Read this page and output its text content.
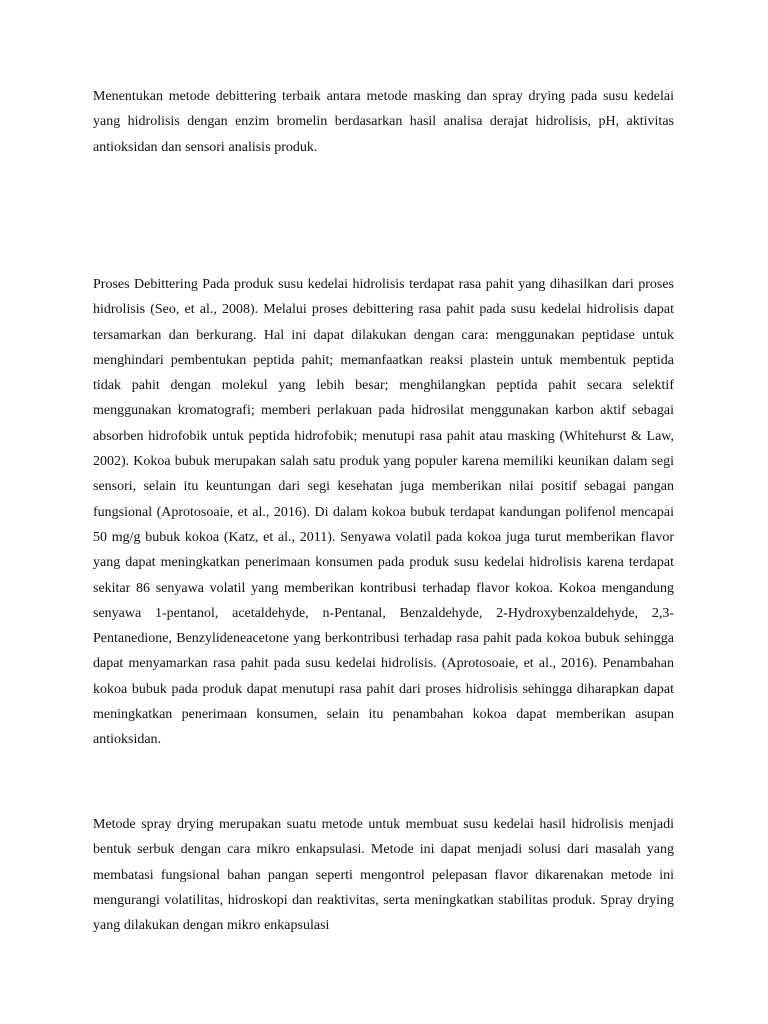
Menentukan metode debittering terbaik antara metode masking dan spray drying pada susu kedelai yang hidrolisis dengan enzim bromelin berdasarkan hasil analisa derajat hidrolisis, pH, aktivitas antioksidan dan sensori analisis produk.

Proses Debittering Pada produk susu kedelai hidrolisis terdapat rasa pahit yang dihasilkan dari proses hidrolisis (Seo, et al., 2008). Melalui proses debittering rasa pahit pada susu kedelai hidrolisis dapat tersamarkan dan berkurang. Hal ini dapat dilakukan dengan cara: menggunakan peptidase untuk menghindari pembentukan peptida pahit; memanfaatkan reaksi plastein untuk membentuk peptida tidak pahit dengan molekul yang lebih besar; menghilangkan peptida pahit secara selektif menggunakan kromatografi; memberi perlakuan pada hidrosilat menggunakan karbon aktif sebagai absorben hidrofobik untuk peptida hidrofobik; menutupi rasa pahit atau masking (Whitehurst & Law, 2002). Kokoa bubuk merupakan salah satu produk yang populer karena memiliki keunikan dalam segi sensori, selain itu keuntungan dari segi kesehatan juga memberikan nilai positif sebagai pangan fungsional (Aprotosoaie, et al., 2016). Di dalam kokoa bubuk terdapat kandungan polifenol mencapai 50 mg/g bubuk kokoa (Katz, et al., 2011). Senyawa volatil pada kokoa juga turut memberikan flavor yang dapat meningkatkan penerimaan konsumen pada produk susu kedelai hidrolisis karena terdapat sekitar 86 senyawa volatil yang memberikan kontribusi terhadap flavor kokoa. Kokoa mengandung senyawa 1-pentanol, acetaldehyde, n-Pentanal, Benzaldehyde, 2-Hydroxybenzaldehyde, 2,3-Pentanedione, Benzylideneacetone yang berkontribusi terhadap rasa pahit pada kokoa bubuk sehingga dapat menyamarkan rasa pahit pada susu kedelai hidrolisis. (Aprotosoaie, et al., 2016). Penambahan kokoa bubuk pada produk dapat menutupi rasa pahit dari proses hidrolisis sehingga diharapkan dapat meningkatkan penerimaan konsumen, selain itu penambahan kokoa dapat memberikan asupan antioksidan.

Metode spray drying merupakan suatu metode untuk membuat susu kedelai hasil hidrolisis menjadi bentuk serbuk dengan cara mikro enkapsulasi. Metode ini dapat menjadi solusi dari masalah yang membatasi fungsional bahan pangan seperti mengontrol pelepasan flavor dikarenakan metode ini mengurangi volatilitas, hidroskopi dan reaktivitas, serta meningkatkan stabilitas produk. Spray drying yang dilakukan dengan mikro enkapsulasi
